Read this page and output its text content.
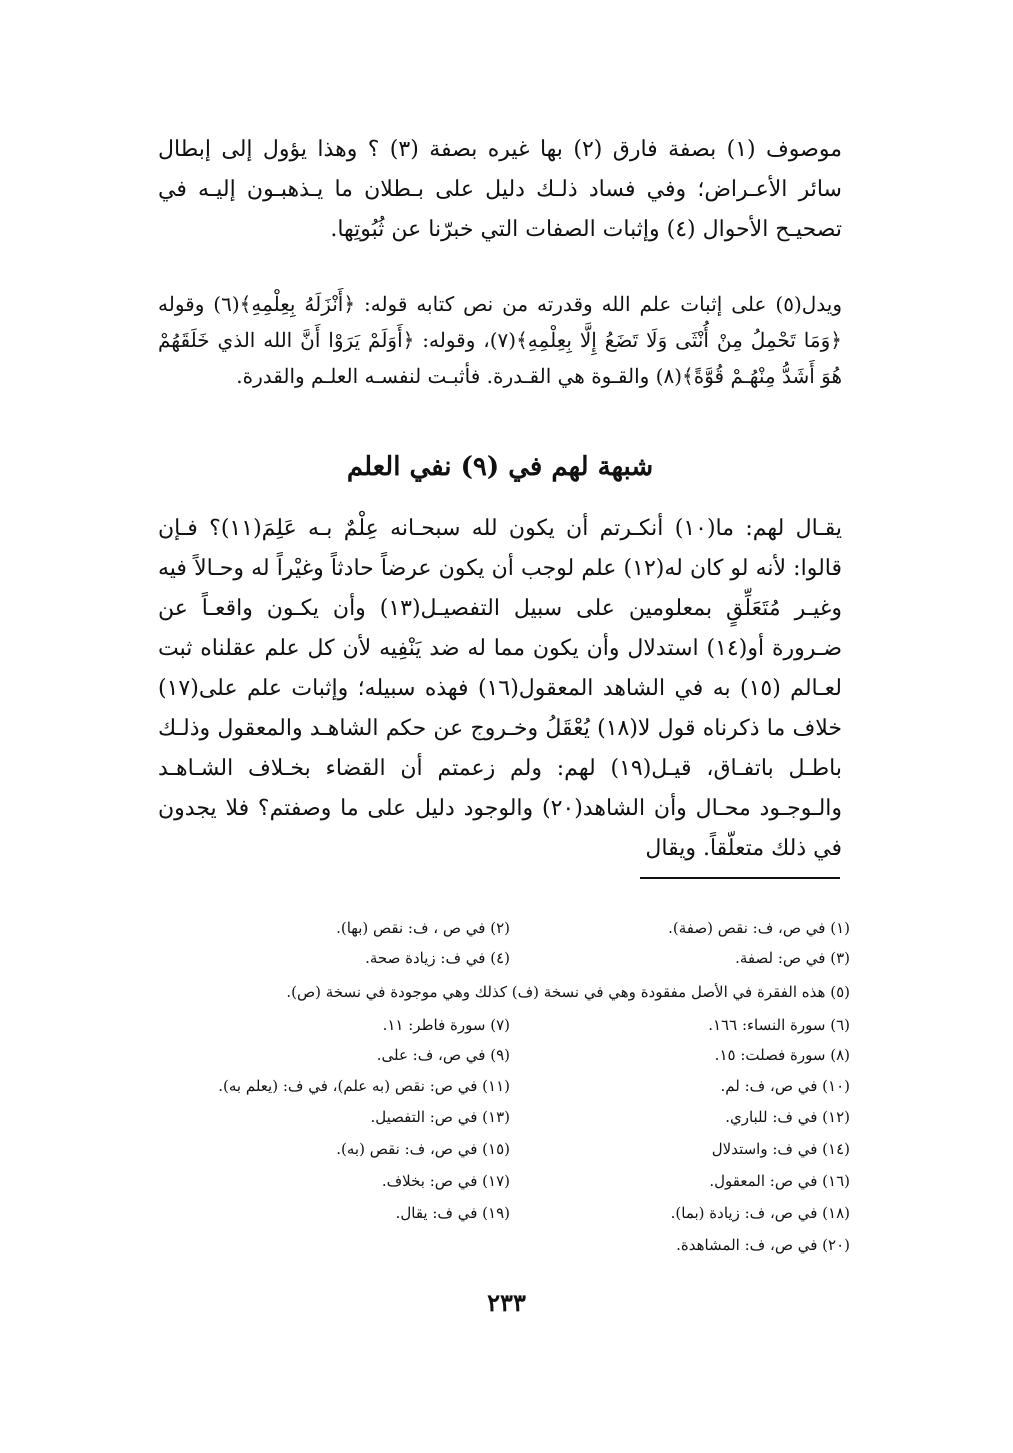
موصوف (١) بصفة فارق (٢) بها غيره بصفة (٣) ؟ وهذا يؤول إلى إبطال سائر الأعـراض؛ وفي فساد ذلـك دليل على بـطلان ما يـذهبـون إليـه في تصحيـح الأحوال (٤) وإثبات الصفات التي خبرّنا عن ثُبُوتِها.

ويدل(٥) على إثبات علم الله وقدرته من نص كتابه قوله: ﴿أَنْزَلَهُ بِعِلْمِهِ﴾(٦) وقوله ﴿وَمَا تَحْمِلُ مِنْ أُنْثَى وَلَا تَضَعُ إِلَّا بِعِلْمِهِ﴾(٧)، وقوله: ﴿أَوَلَمْ يَرَوْا أَنَّ الله الذي خَلَقَهُمْ هُوَ أَشَدُّ مِنْهُـمْ قُوَّةً﴾(٨) والقـوة هي القـدرة. فأثبـت لنفسـه العلـم والقدرة.

شبهة لهم في (٩) نفي العلم

يقـال لهم: ما(١٠) أنكـرتم أن يكون لله سبحـانه عِلْمٌ بـه عَلِمَ(١١)؟ فـإن قالوا: لأنه لو كان له(١٢) علم لوجب أن يكون عرضاً حادثاً وغيْراً له وحـالاً فيه وغيـر مُتَعَلِّقٍ بمعلومين على سبيل التفصيـل(١٣) وأن يكـون واقعـاً عن ضـرورة أو(١٤) استدلال وأن يكون مما له ضد يَنْفِيه لأن كل علم عقلناه ثبت لعـالم (١٥) به في الشاهد المعقول(١٦) فهذه سبيله؛ وإثبات علم على(١٧) خلاف ما ذكرناه قول لا(١٨) يُعْقَلُ وخـروج عن حكم الشاهـد والمعقول وذلـك باطـل باتفـاق، قيـل(١٩) لهم: ولم زعمتم أن القضاء بخـلاف الشـاهـد والـوجـود محـال وأن الشاهد(٢٠) والوجود دليل على ما وصفتم؟ فلا يجدون في ذلك متعلّقاً. ويقال

(١) في ص، ف: نقص (صفة).
(٢) في ص ، ف: نقص (بها).
(٣) في ص: لصفة.
(٤) في ف: زيادة صحة.
(٥) هذه الفقرة في الأصل مفقودة وهي في نسخة (ف) كذلك وهي موجودة في نسخة (ص).
(٦) سورة النساء: ١٦٦.
(٧) سورة فاطر: ١١.
(٨) سورة فصلت: ١٥.
(٩) في ص، ف: على.
(١٠) في ص، ف: لم.
(١١) في ص: نقص (به علم)، في ف: (يعلم به).
(١٢) في ف: للباري.
(١٣) في ص: التفصيل.
(١٤) في ف: واستدلال
(١٥) في ص، ف: نقص (به).
(١٦) في ص: المعقول.
(١٧) في ص: بخلاف.
(١٨) في ص، ف: زيادة (بما).
(١٩) في ف: يقال.
(٢٠) في ص، ف: المشاهدة.
٢٣٣
